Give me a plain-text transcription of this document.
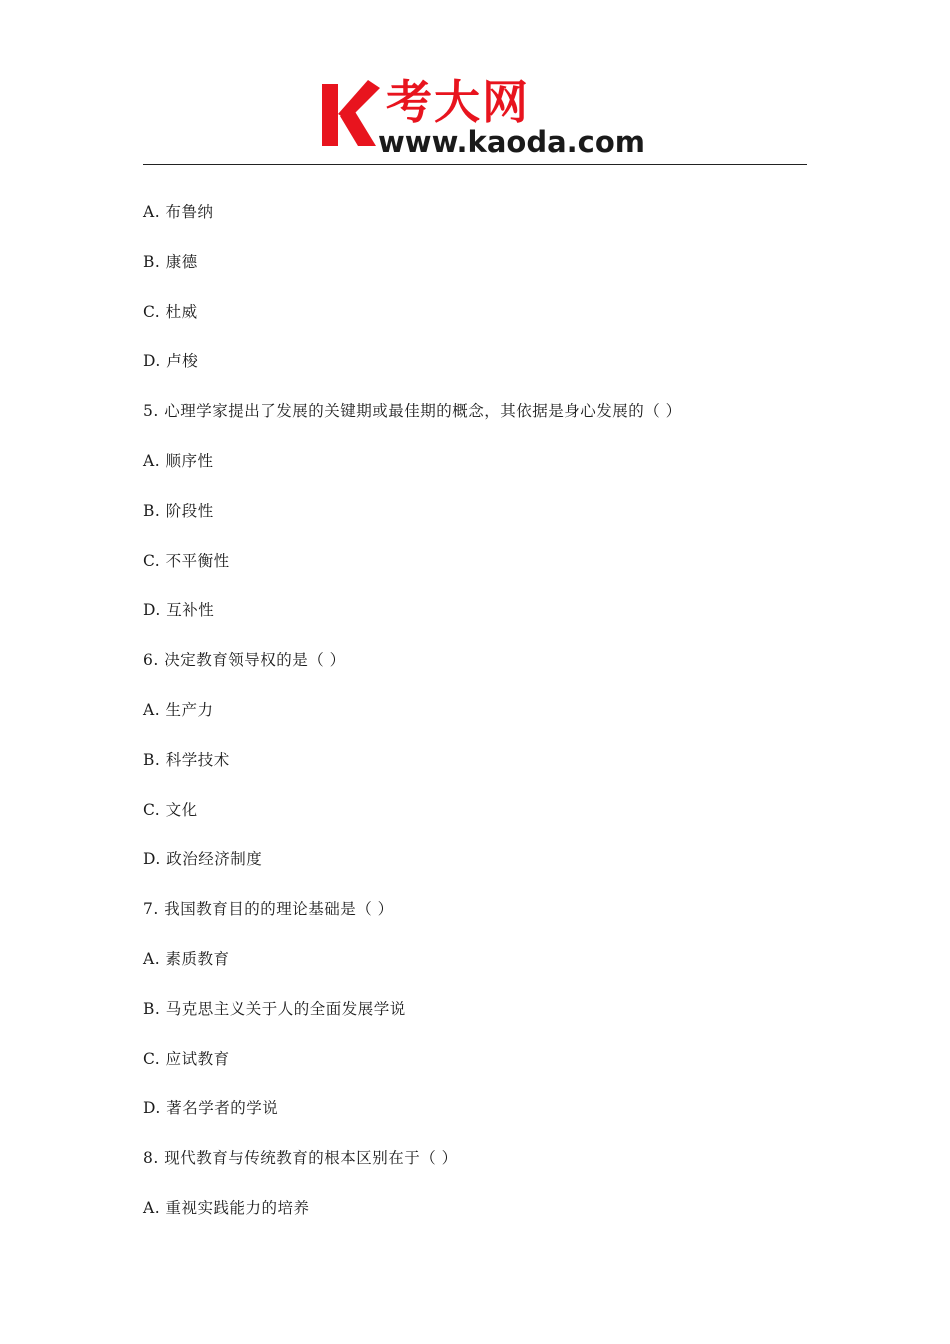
考大网
www.kaoda.com
A. 布鲁纳
B. 康德
C. 杜威
D. 卢梭
5. 心理学家提出了发展的关键期或最佳期的概念，其依据是身心发展的（ ）
A. 顺序性
B. 阶段性
C. 不平衡性
D. 互补性
6. 决定教育领导权的是（ ）
A. 生产力
B. 科学技术
C. 文化
D. 政治经济制度
7. 我国教育目的的理论基础是（ ）
A. 素质教育
B. 马克思主义关于人的全面发展学说
C. 应试教育
D. 著名学者的学说
8. 现代教育与传统教育的根本区别在于（ ）
A. 重视实践能力的培养
